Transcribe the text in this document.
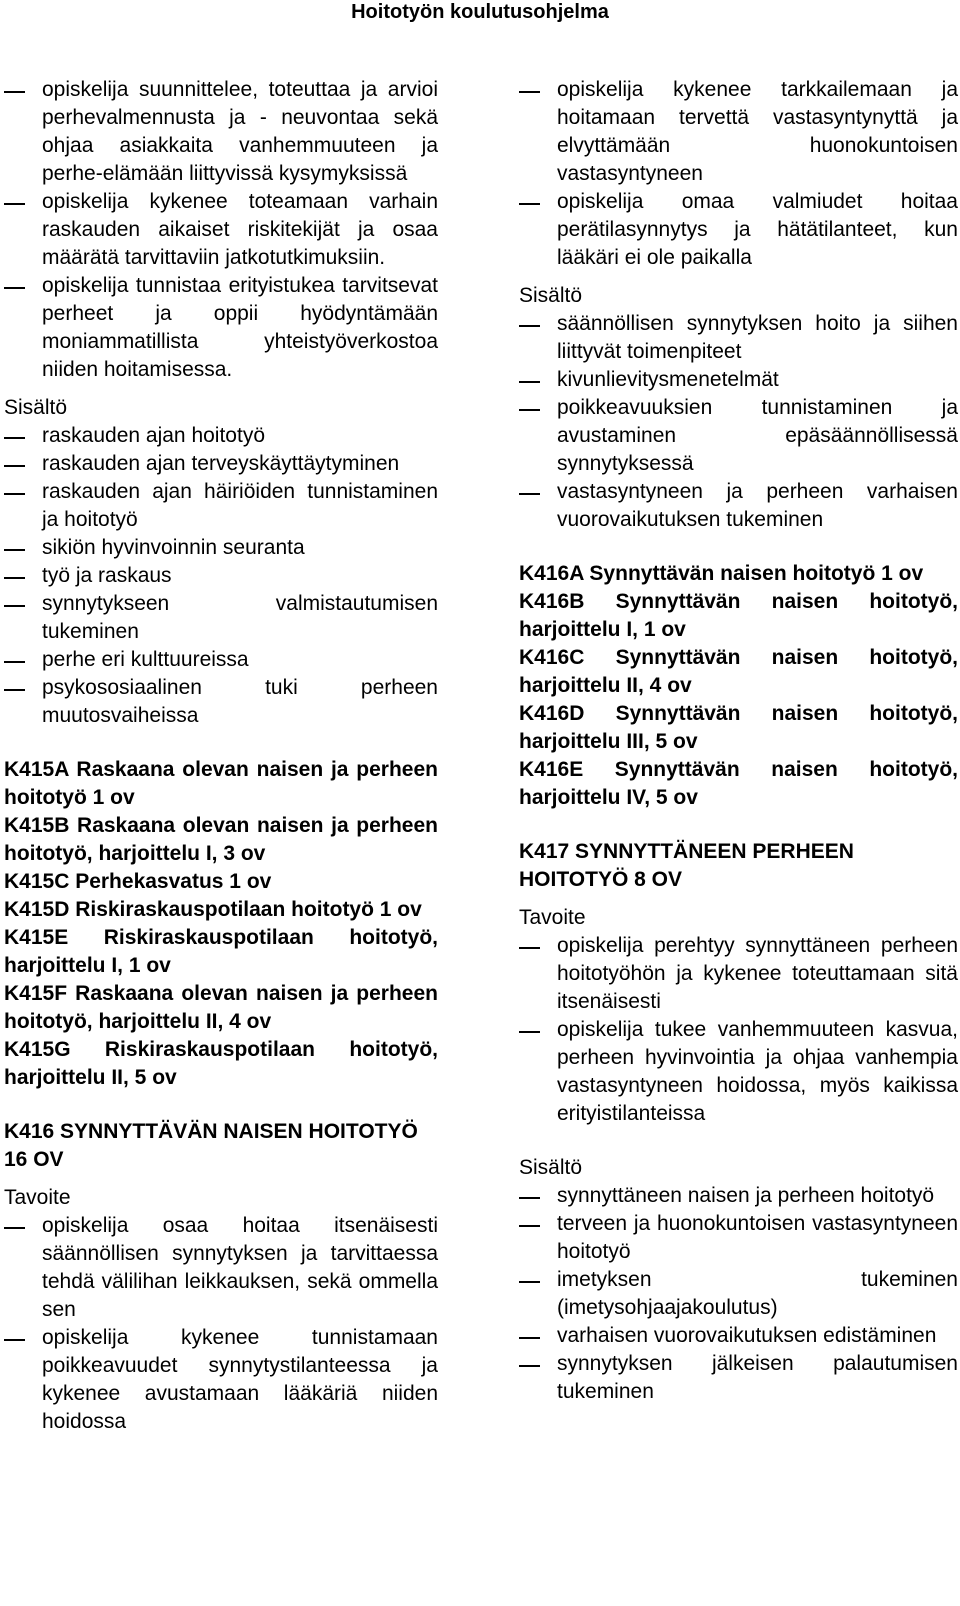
Hoitotyön koulutusohjelma
opiskelija suunnittelee, toteuttaa ja arvioi perhevalmennusta ja - neuvontaa sekä ohjaa asiakkaita vanhemmuuteen ja perhe-elämään liittyvissä kysymyksissä
opiskelija kykenee toteamaan varhain raskauden aikaiset riskitekijät ja osaa määrätä tarvittaviin jatkotutkimuksiin.
opiskelija tunnistaa erityistukea tarvitsevat perheet ja oppii hyödyntämään moniammatillista yhteistyöverkostoa niiden hoitamisessa.

Sisältö

raskauden ajan hoitotyö
raskauden ajan terveyskäyttäytyminen
raskauden ajan häiriöiden tunnistaminen ja hoitotyö
sikiön hyvinvoinnin seuranta
työ ja raskaus
synnytykseen valmistautumisen tukeminen
perhe eri kulttuureissa
psykososiaalinen tuki perheen muutosvaiheissa

K415A Raskaana olevan naisen ja perheen hoitotyö 1 ov

K415B Raskaana olevan naisen ja perheen hoitotyö, harjoittelu I, 3 ov

K415C Perhekasvatus 1 ov

K415D Riskiraskauspotilaan hoitotyö 1 ov

K415E Riskiraskauspotilaan hoitotyö, harjoittelu I, 1 ov

K415F Raskaana olevan naisen ja perheen hoitotyö, harjoittelu II, 4 ov

K415G Riskiraskauspotilaan hoitotyö, harjoittelu II, 5 ov

K416 SYNNYTTÄVÄN NAISEN HOITOTYÖ 16 OV

Tavoite

opiskelija osaa hoitaa itsenäisesti säännöllisen synnytyksen ja tarvittaessa tehdä välilihan leikkauksen, sekä ommella sen
opiskelija kykenee tunnistamaan poikkeavuudet synnytystilanteessa ja kykenee avustamaan lääkäriä niiden hoidossa
opiskelija kykenee tarkkailemaan ja hoitamaan tervettä vastasyntynyttä ja elvyttämään huonokuntoisen vastasyntyneen
opiskelija omaa valmiudet hoitaa perätilasynnytys ja hätätilanteet, kun lääkäri ei ole paikalla

Sisältö

säännöllisen synnytyksen hoito ja siihen liittyvät toimenpiteet
kivunlievitysmenetelmät
poikkeavuuksien tunnistaminen ja avustaminen epäsäännöllisessä synnytyksessä
vastasyntyneen ja perheen varhaisen vuorovaikutuksen tukeminen

K416A Synnyttävän naisen hoitotyö 1 ov

K416B Synnyttävän naisen hoitotyö, harjoittelu I, 1 ov

K416C Synnyttävän naisen hoitotyö, harjoittelu II, 4 ov

K416D Synnyttävän naisen hoitotyö, harjoittelu III, 5 ov

K416E Synnyttävän naisen hoitotyö, harjoittelu IV, 5 ov

K417 SYNNYTTÄNEEN PERHEEN HOITOTYÖ 8 OV

Tavoite

opiskelija perehtyy synnyttäneen perheen hoitotyöhön ja kykenee toteuttamaan sitä itsenäisesti
opiskelija tukee vanhemmuuteen kasvua, perheen hyvinvointia ja ohjaa vanhempia vastasyntyneen hoidossa, myös kaikissa erityistilanteissa

Sisältö

synnyttäneen naisen ja perheen hoitotyö
terveen ja huonokuntoisen vastasyntyneen hoitotyö
imetyksen tukeminen (imetysohjaajakoulutus)
varhaisen vuorovaikutuksen edistäminen
synnytyksen jälkeisen palautumisen tukeminen
